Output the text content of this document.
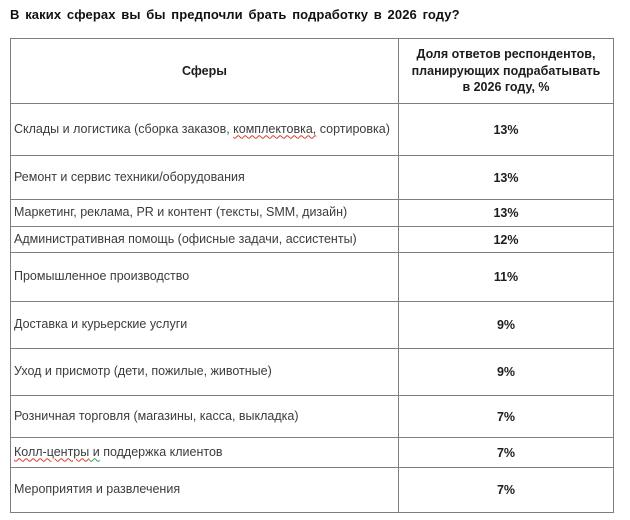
В каких сферах вы бы предпочли брать подработку в 2026 году?
Сферы	Доля ответов респондентов, планирующих подрабатывать в 2026 году, %
Склады и логистика (сборка заказов, комплектовка, сортировка)	13%
Ремонт и сервис техники/оборудования	13%
Маркетинг, реклама, PR и контент (тексты, SMM, дизайн)	13%
Административная помощь (офисные задачи, ассистенты)	12%
Промышленное производство	11%
Доставка и курьерские услуги	9%
Уход и присмотр (дети, пожилые, животные)	9%
Розничная торговля (магазины, касса, выкладка)	7%
Колл-центры и поддержка клиентов	7%
Мероприятия и развлечения	7%
